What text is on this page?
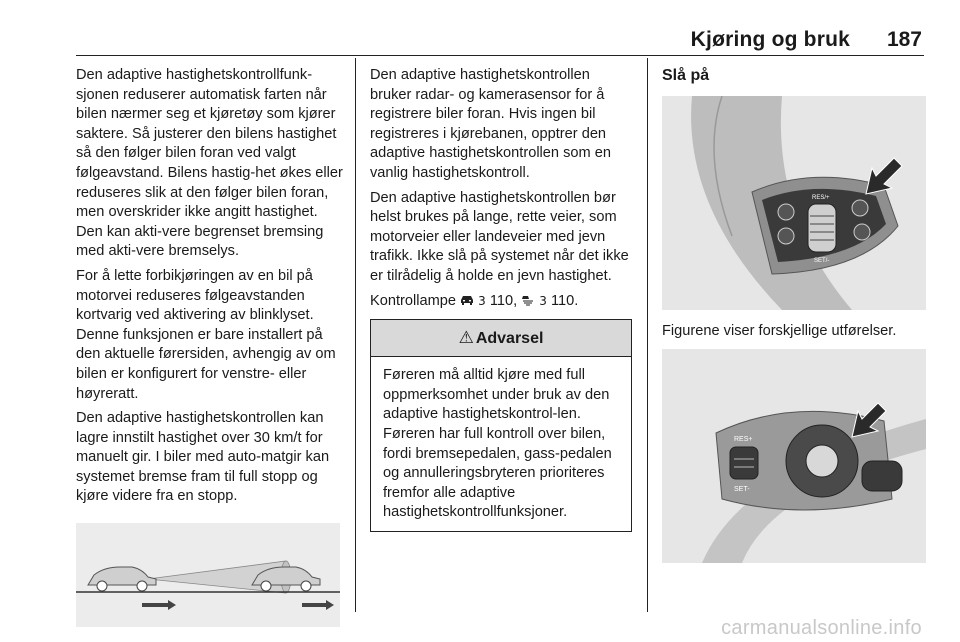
Kjøring og bruk 187

Den adaptive hastighetskontrollfunk-sjonen reduserer automatisk farten når bilen nærmer seg et kjøretøy som kjører saktere. Så justerer den bilens hastighet så den følger bilen foran ved valgt følgeavstand. Bilens hastig-het økes eller reduseres slik at den følger bilen foran, men overskrider ikke angitt hastighet. Den kan akti-vere begrenset bremsing med akti-vere bremselys.

For å lette forbikjøringen av en bil på motorvei reduseres følgeavstanden kortvarig ved aktivering av blinklyset. Denne funksjonen er bare installert på den aktuelle førersiden, avhengig av om bilen er konfigurert for venstre- eller høyreratt.

Den adaptive hastighetskontrollen kan lagre innstilt hastighet over 30 km/t for manuelt gir. I biler med auto-matgir kan systemet bremse fram til full stopp og kjøre videre fra en stopp.

Den adaptive hastighetskontrollen bruker radar- og kamerasensor for å registrere biler foran. Hvis ingen bil registreres i kjørebanen, opptrer den adaptive hastighetskontrollen som en vanlig hastighetskontroll.

Den adaptive hastighetskontrollen bør helst brukes på lange, rette veier, som motorveier eller landeveier med jevn trafikk. Ikke slå på systemet når det ikke er tilrådelig å holde en jevn hastighet.

Kontrollampe 3 110, 3 110.

⚠ Advarsel
Føreren må alltid kjøre med full oppmerksomhet under bruk av den adaptive hastighetskontrol-len. Føreren har full kontroll over bilen, fordi bremsepedalen, gass-pedalen og annulleringsbryteren prioriteres fremfor alle adaptive hastighetskontrollfunksjoner.
Slå på
RES/+
SET/-

Figurene viser forskjellige utførelser.

RES+
SET-
carmanualsonline.info
